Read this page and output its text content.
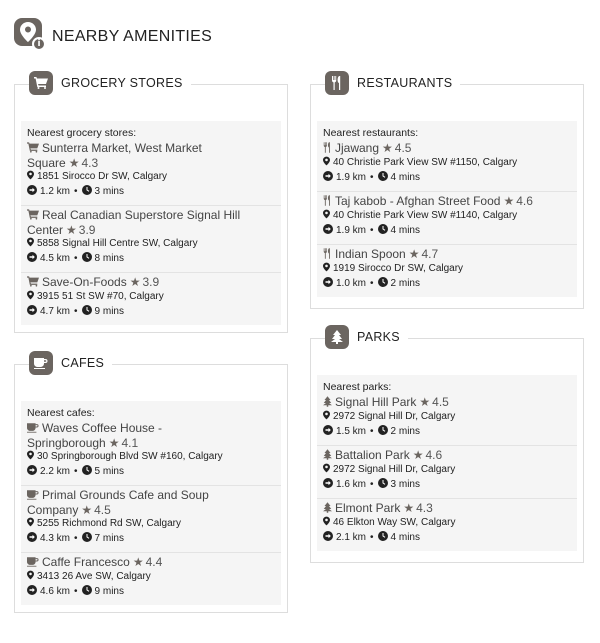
i NEARBY AMENITIES
GROCERY STORES
Nearest grocery stores:
Sunterra Market, West Market Square ★ 4.3
1851 Sirocco Dr SW, Calgary
1.2 km • 3 mins
Real Canadian Superstore Signal Hill Center ★ 3.9
5858 Signal Hill Centre SW, Calgary
4.5 km • 8 mins
Save-On-Foods ★ 3.9
3915 51 St SW #70, Calgary
4.7 km • 9 mins
RESTAURANTS
Nearest restaurants:
Jjawang ★ 4.5
40 Christie Park View SW #1150, Calgary
1.9 km • 4 mins
Taj kabob - Afghan Street Food ★ 4.6
40 Christie Park View SW #1140, Calgary
1.9 km • 4 mins
Indian Spoon ★ 4.7
1919 Sirocco Dr SW, Calgary
1.0 km • 2 mins
CAFES
Nearest cafes:
Waves Coffee House - Springborough ★ 4.1
30 Springborough Blvd SW #160, Calgary
2.2 km • 5 mins
Primal Grounds Cafe and Soup Company ★ 4.5
5255 Richmond Rd SW, Calgary
4.3 km • 7 mins
Caffe Francesco ★ 4.4
3413 26 Ave SW, Calgary
4.6 km • 9 mins
PARKS
Nearest parks:
Signal Hill Park ★ 4.5
2972 Signal Hill Dr, Calgary
1.5 km • 2 mins
Battalion Park ★ 4.6
2972 Signal Hill Dr, Calgary
1.6 km • 3 mins
Elmont Park ★ 4.3
46 Elkton Way SW, Calgary
2.1 km • 4 mins
